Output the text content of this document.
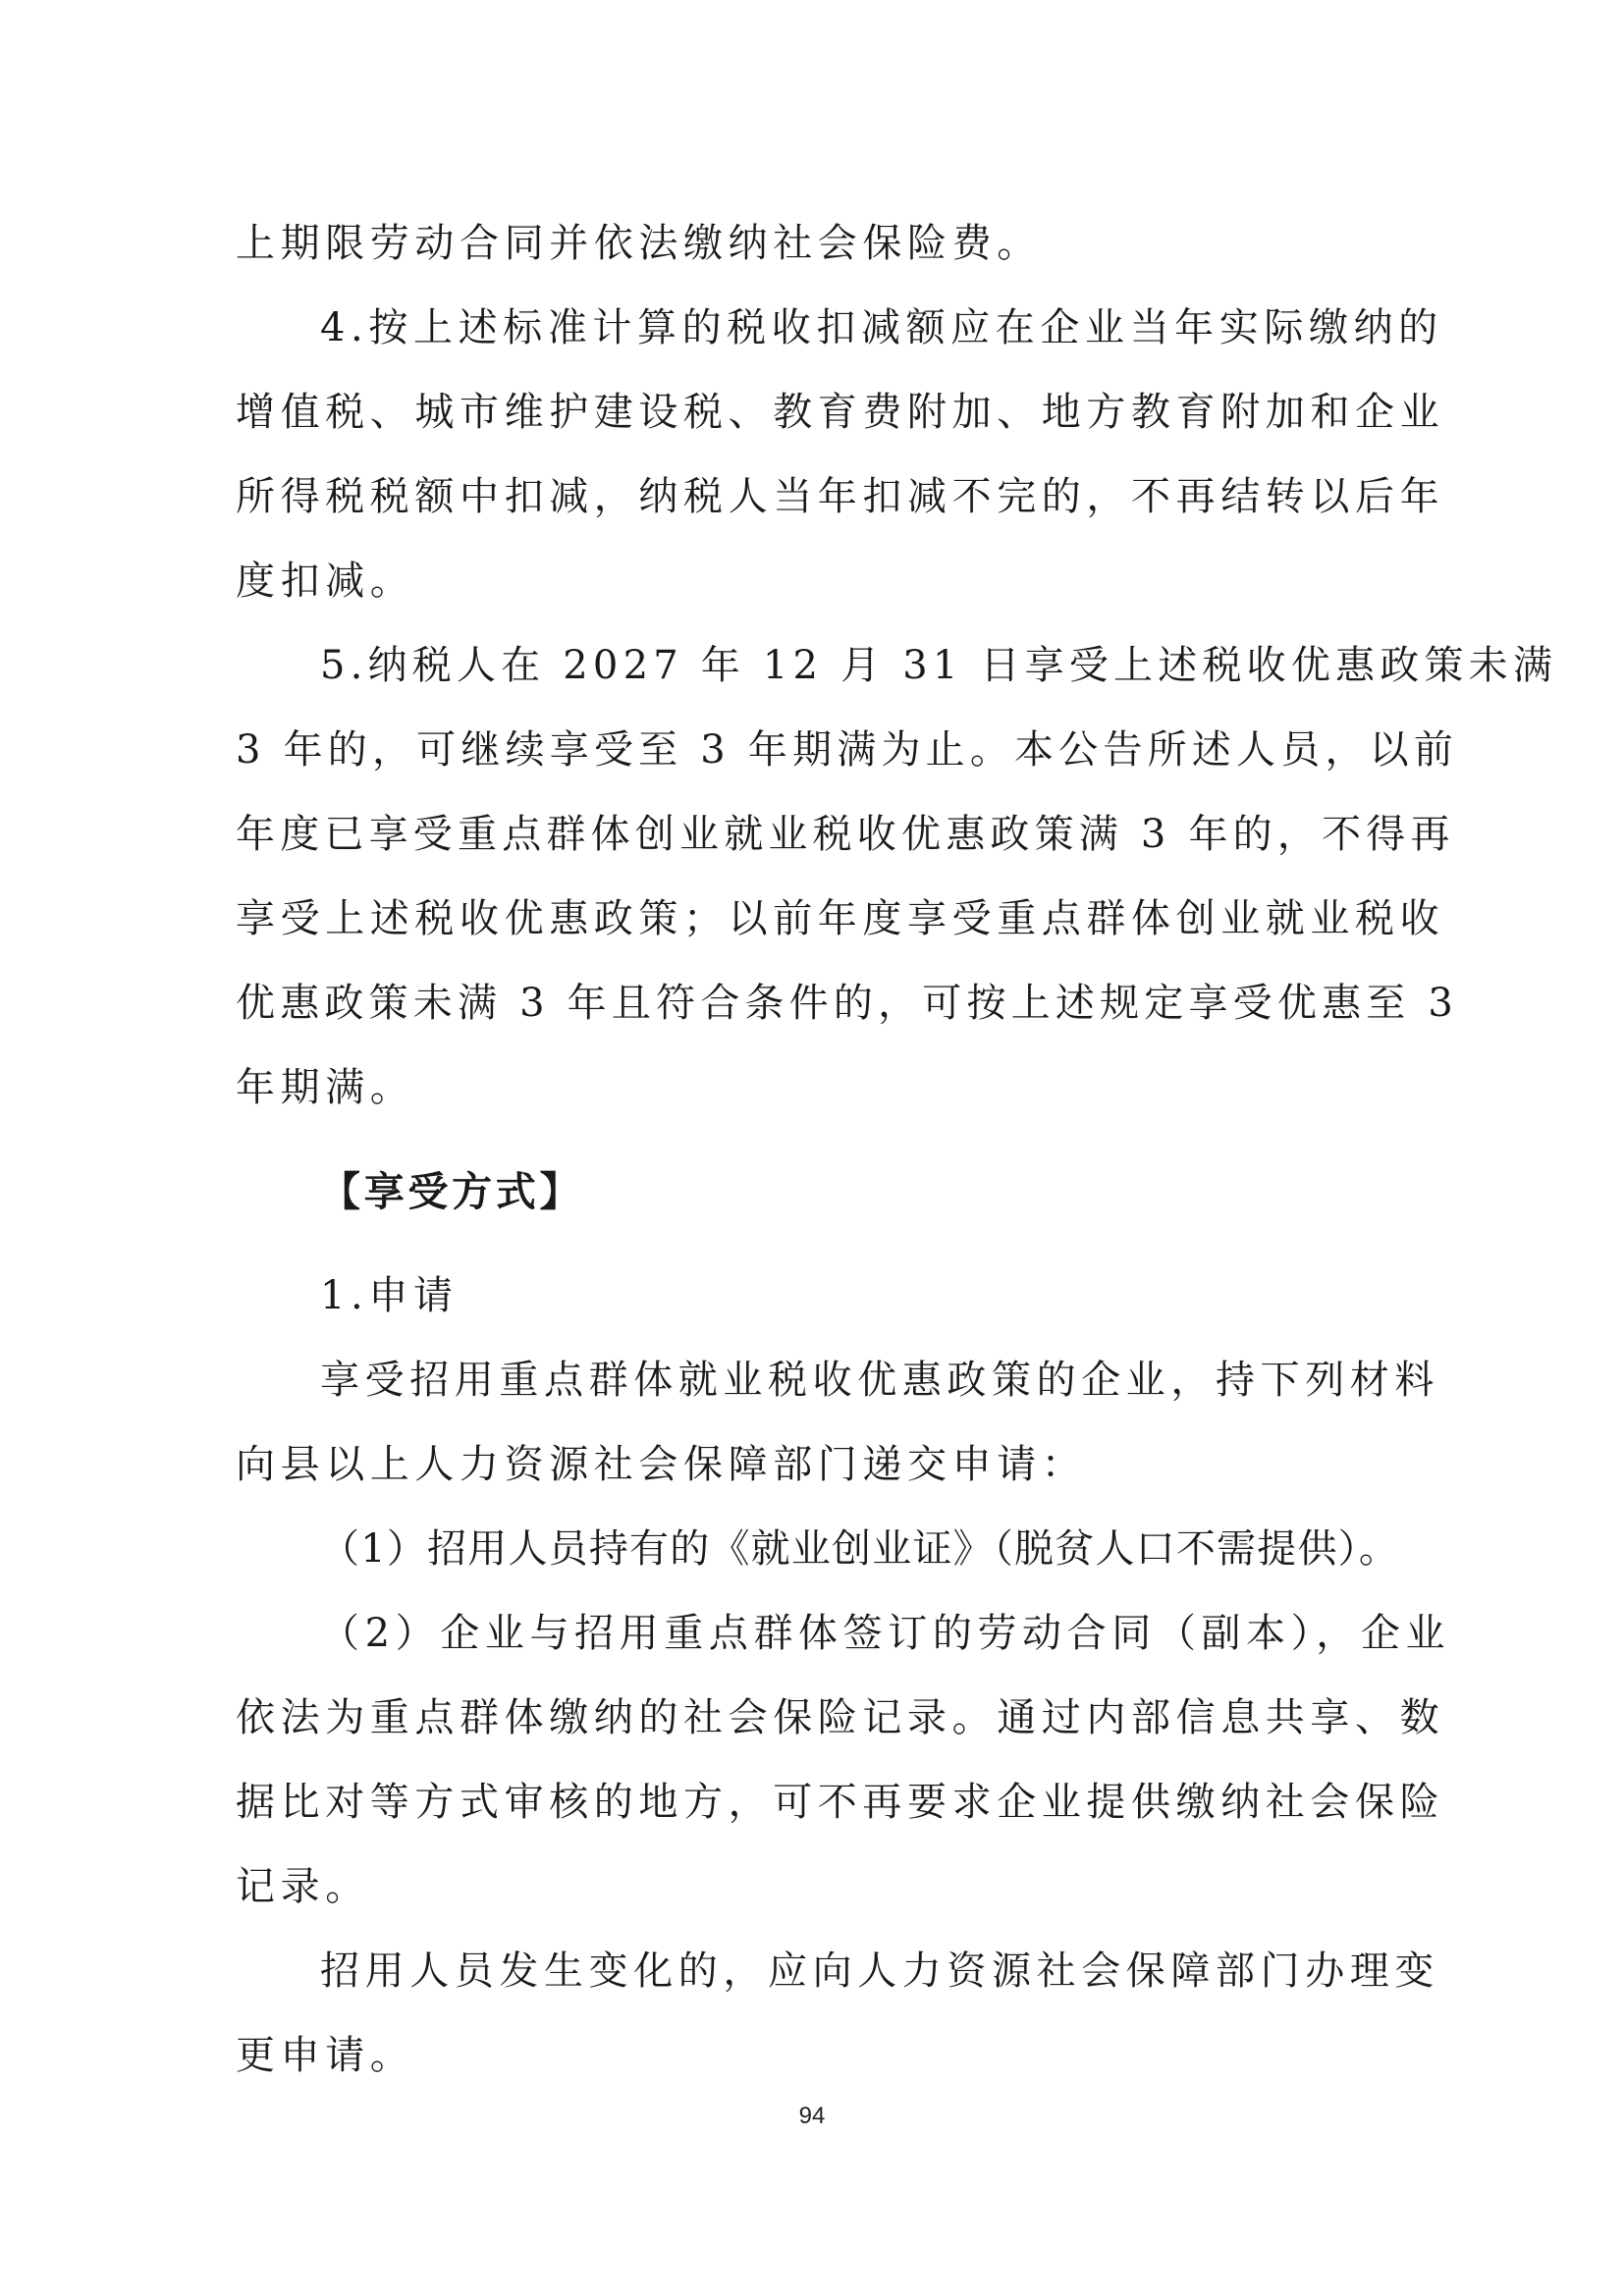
上期限劳动合同并依法缴纳社会保险费。
4.按上述标准计算的税收扣减额应在企业当年实际缴纳的
增值税、城市维护建设税、教育费附加、地方教育附加和企业
所得税税额中扣减，纳税人当年扣减不完的，不再结转以后年
度扣减。
5.纳税人在 2027 年 12 月 31 日享受上述税收优惠政策未满
3 年的，可继续享受至 3 年期满为止。本公告所述人员，以前
年度已享受重点群体创业就业税收优惠政策满 3 年的，不得再
享受上述税收优惠政策；以前年度享受重点群体创业就业税收
优惠政策未满 3 年且符合条件的，可按上述规定享受优惠至 3
年期满。
【享受方式】
1.申请
享受招用重点群体就业税收优惠政策的企业，持下列材料
向县以上人力资源社会保障部门递交申请：
（1）招用人员持有的《就业创业证》（脱贫人口不需提供）。
（2）企业与招用重点群体签订的劳动合同（副本），企业
依法为重点群体缴纳的社会保险记录。通过内部信息共享、数
据比对等方式审核的地方，可不再要求企业提供缴纳社会保险
记录。
招用人员发生变化的，应向人力资源社会保障部门办理变
更申请。
94
